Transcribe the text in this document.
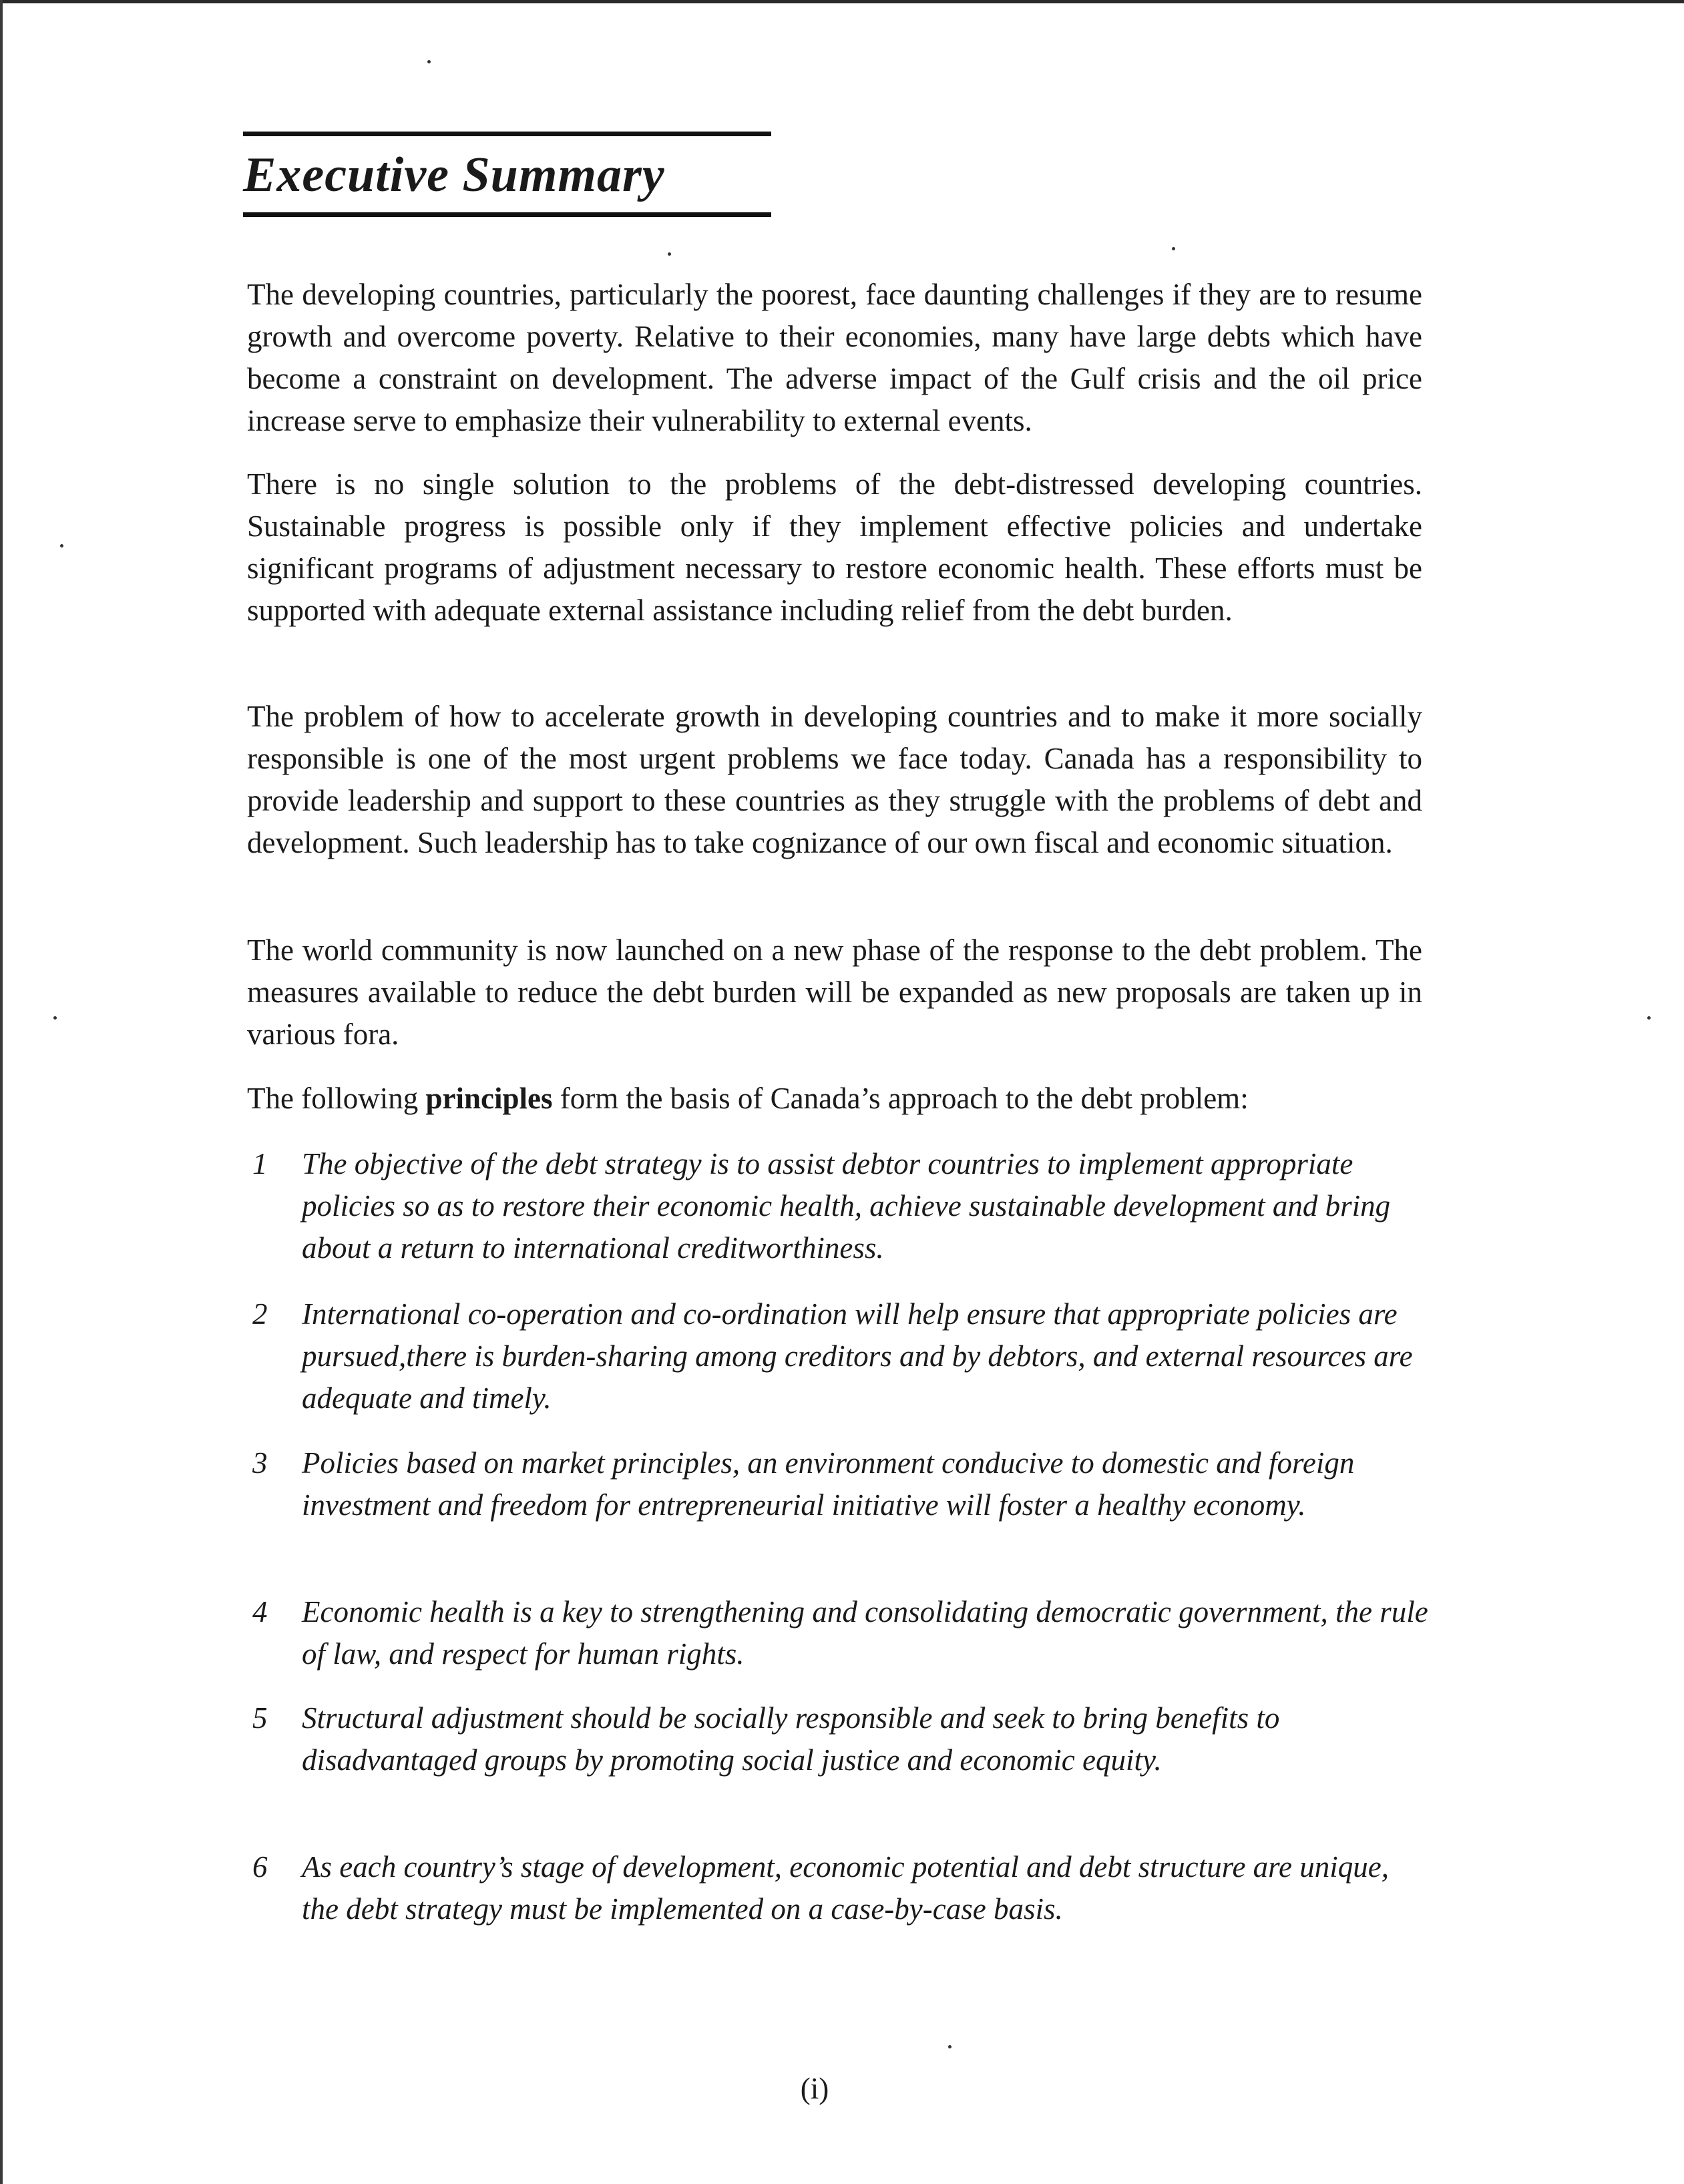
Executive Summary

The developing countries, particularly the poorest, face daunting challenges if they are to resume growth and overcome poverty. Relative to their economies, many have large debts which have become a constraint on development. The adverse impact of the Gulf crisis and the oil price increase serve to emphasize their vulnerability to external events.

There is no single solution to the problems of the debt-distressed developing countries. Sustainable progress is possible only if they implement effective policies and undertake significant programs of adjustment necessary to restore economic health. These efforts must be supported with adequate external assistance including relief from the debt burden.

The problem of how to accelerate growth in developing countries and to make it more socially responsible is one of the most urgent problems we face today. Canada has a responsibility to provide leadership and support to these countries as they struggle with the problems of debt and development. Such leadership has to take cognizance of our own fiscal and economic situation.

The world community is now launched on a new phase of the response to the debt problem. The measures available to reduce the debt burden will be expanded as new proposals are taken up in various fora.

The following principles form the basis of Canada’s approach to the debt problem:

1	The objective of the debt strategy is to assist debtor countries to implement appropriate policies so as to restore their economic health, achieve sustainable development and bring about a return to international creditworthiness.
2	International co-operation and co-ordination will help ensure that appropriate policies are pursued,there is burden-sharing among creditors and by debtors, and external resources are adequate and timely.
3	Policies based on market principles, an environment conducive to domestic and foreign investment and freedom for entrepreneurial initiative will foster a healthy economy.
4	Economic health is a key to strengthening and consolidating democratic government, the rule of law, and respect for human rights.
5	Structural adjustment should be socially responsible and seek to bring benefits to disadvantaged groups by promoting social justice and economic equity.
6	As each country’s stage of development, economic potential and debt structure are unique, the debt strategy must be implemented on a case-by-case basis.
(i)
